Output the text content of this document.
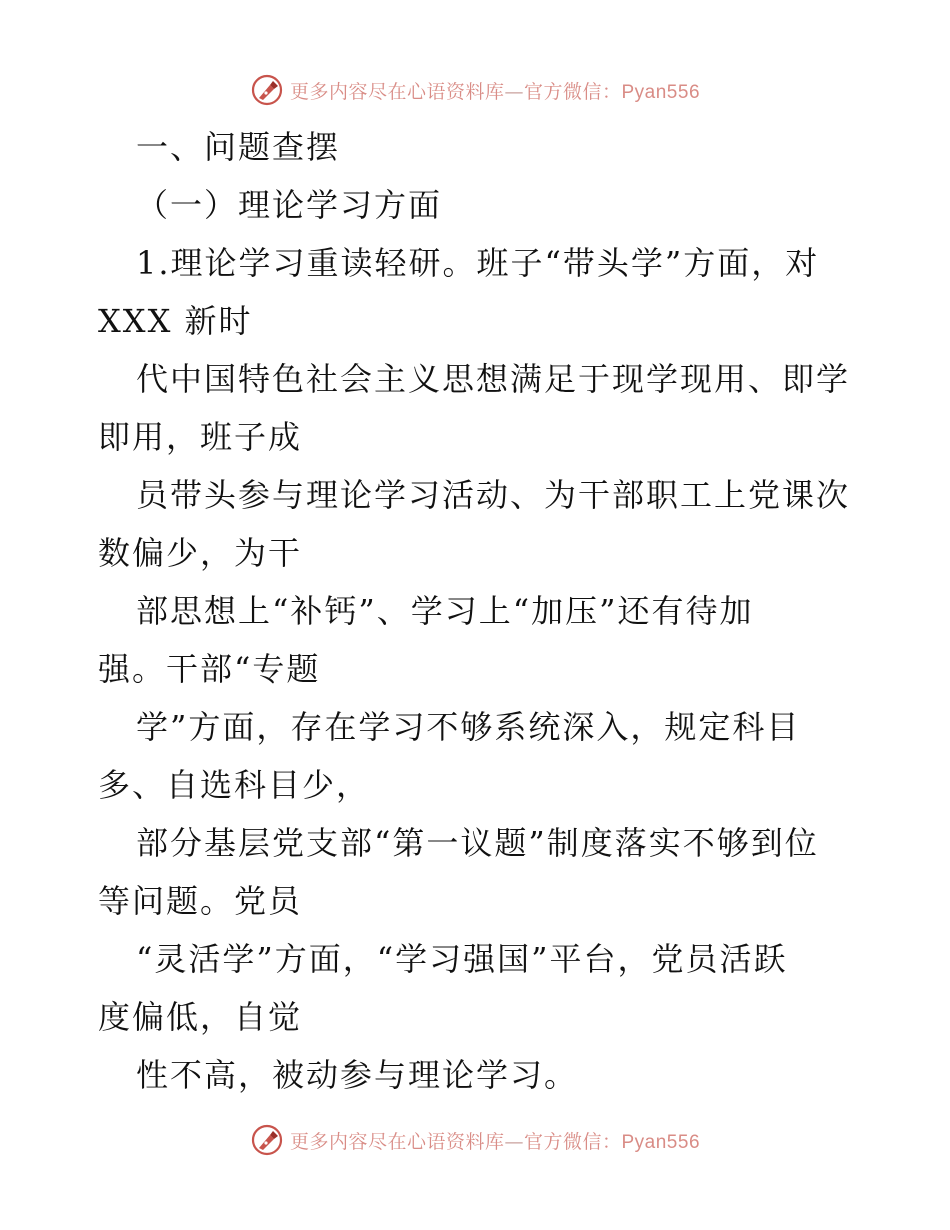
更多内容尽在心语资料库—官方微信：Pyan556
一、问题查摆
（一）理论学习方面
1.理论学习重读轻研。班子“带头学”方面，对
XXX 新时
代中国特色社会主义思想满足于现学现用、即学
即用，班子成
员带头参与理论学习活动、为干部职工上党课次
数偏少，为干
部思想上“补钙”、学习上“加压”还有待加
强。干部“专题
学”方面，存在学习不够系统深入，规定科目
多、自选科目少，
部分基层党支部“第一议题”制度落实不够到位
等问题。党员
“灵活学”方面，“学习强国”平台，党员活跃
度偏低，自觉
性不高，被动参与理论学习。
更多内容尽在心语资料库—官方微信：Pyan556
